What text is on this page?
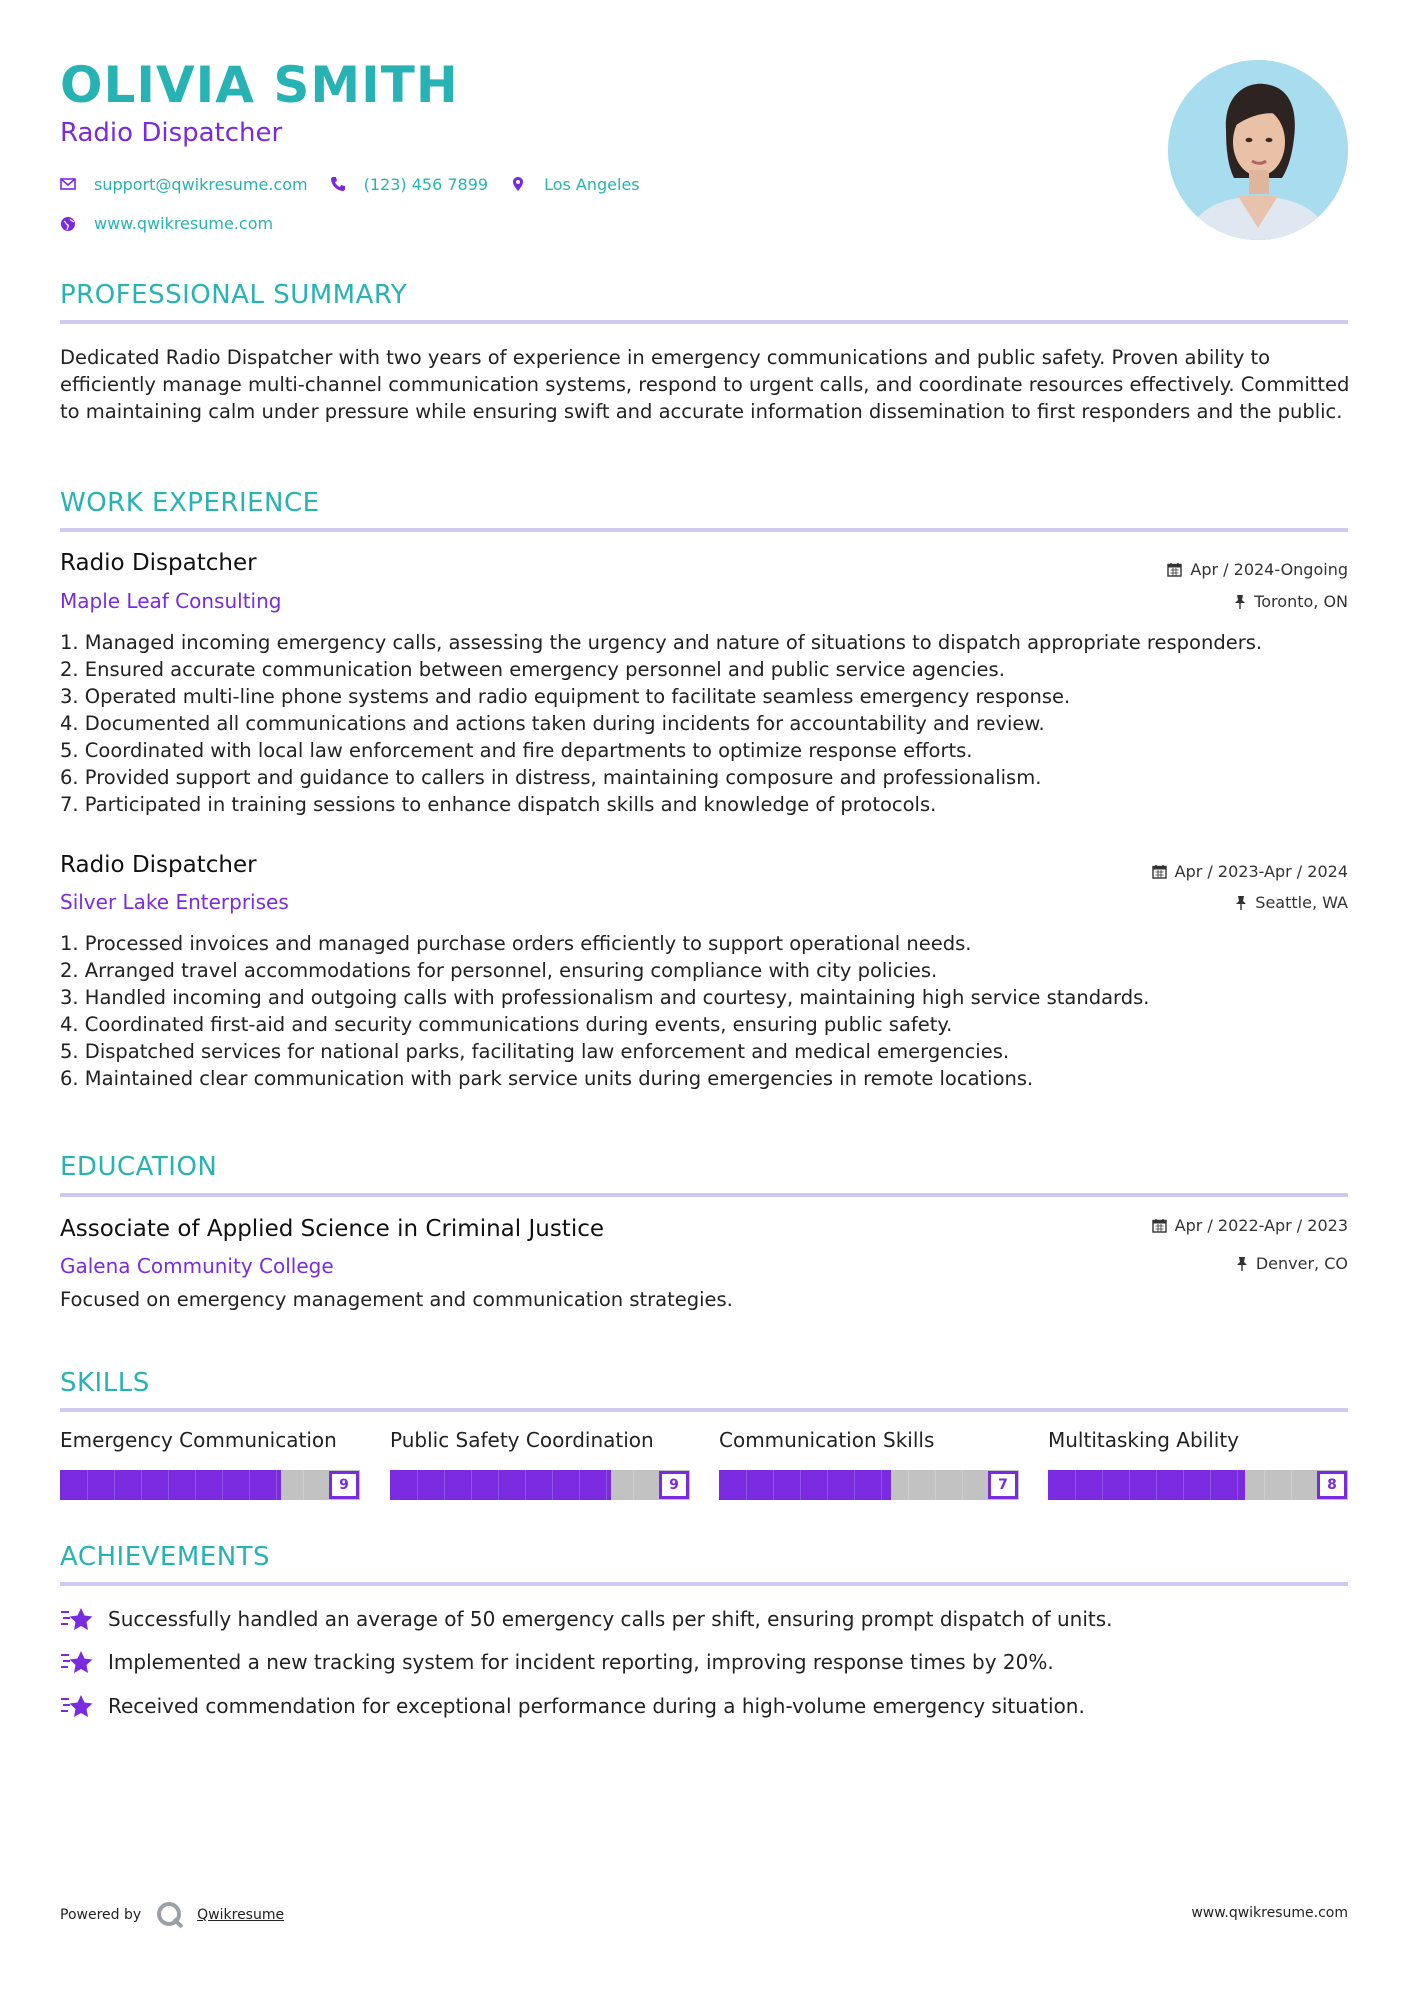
OLIVIA SMITH
Radio Dispatcher
support@qwikresume.com	(123) 456 7899	Los Angeles
www.qwikresume.com
PROFESSIONAL SUMMARY
Dedicated Radio Dispatcher with two years of experience in emergency communications and public safety. Proven ability to efficiently manage multi-channel communication systems, respond to urgent calls, and coordinate resources effectively. Committed to maintaining calm under pressure while ensuring swift and accurate information dissemination to first responders and the public.
WORK EXPERIENCE
Radio Dispatcher
Maple Leaf Consulting
Apr / 2024-Ongoing
Toronto, ON
1. Managed incoming emergency calls, assessing the urgency and nature of situations to dispatch appropriate responders.
2. Ensured accurate communication between emergency personnel and public service agencies.
3. Operated multi-line phone systems and radio equipment to facilitate seamless emergency response.
4. Documented all communications and actions taken during incidents for accountability and review.
5. Coordinated with local law enforcement and fire departments to optimize response efforts.
6. Provided support and guidance to callers in distress, maintaining composure and professionalism.
7. Participated in training sessions to enhance dispatch skills and knowledge of protocols.
Radio Dispatcher
Silver Lake Enterprises
Apr / 2023-Apr / 2024
Seattle, WA
1. Processed invoices and managed purchase orders efficiently to support operational needs.
2. Arranged travel accommodations for personnel, ensuring compliance with city policies.
3. Handled incoming and outgoing calls with professionalism and courtesy, maintaining high service standards.
4. Coordinated first-aid and security communications during events, ensuring public safety.
5. Dispatched services for national parks, facilitating law enforcement and medical emergencies.
6. Maintained clear communication with park service units during emergencies in remote locations.
EDUCATION
Associate of Applied Science in Criminal Justice
Galena Community College
Apr / 2022-Apr / 2023
Denver, CO
Focused on emergency management and communication strategies.
SKILLS
Emergency Communication
9
Public Safety Coordination
9
Communication Skills
7
Multitasking Ability
8
ACHIEVEMENTS
Successfully handled an average of 50 emergency calls per shift, ensuring prompt dispatch of units.
Implemented a new tracking system for incident reporting, improving response times by 20%.
Received commendation for exceptional performance during a high-volume emergency situation.
Powered by	Qwikresume	www.qwikresume.com
